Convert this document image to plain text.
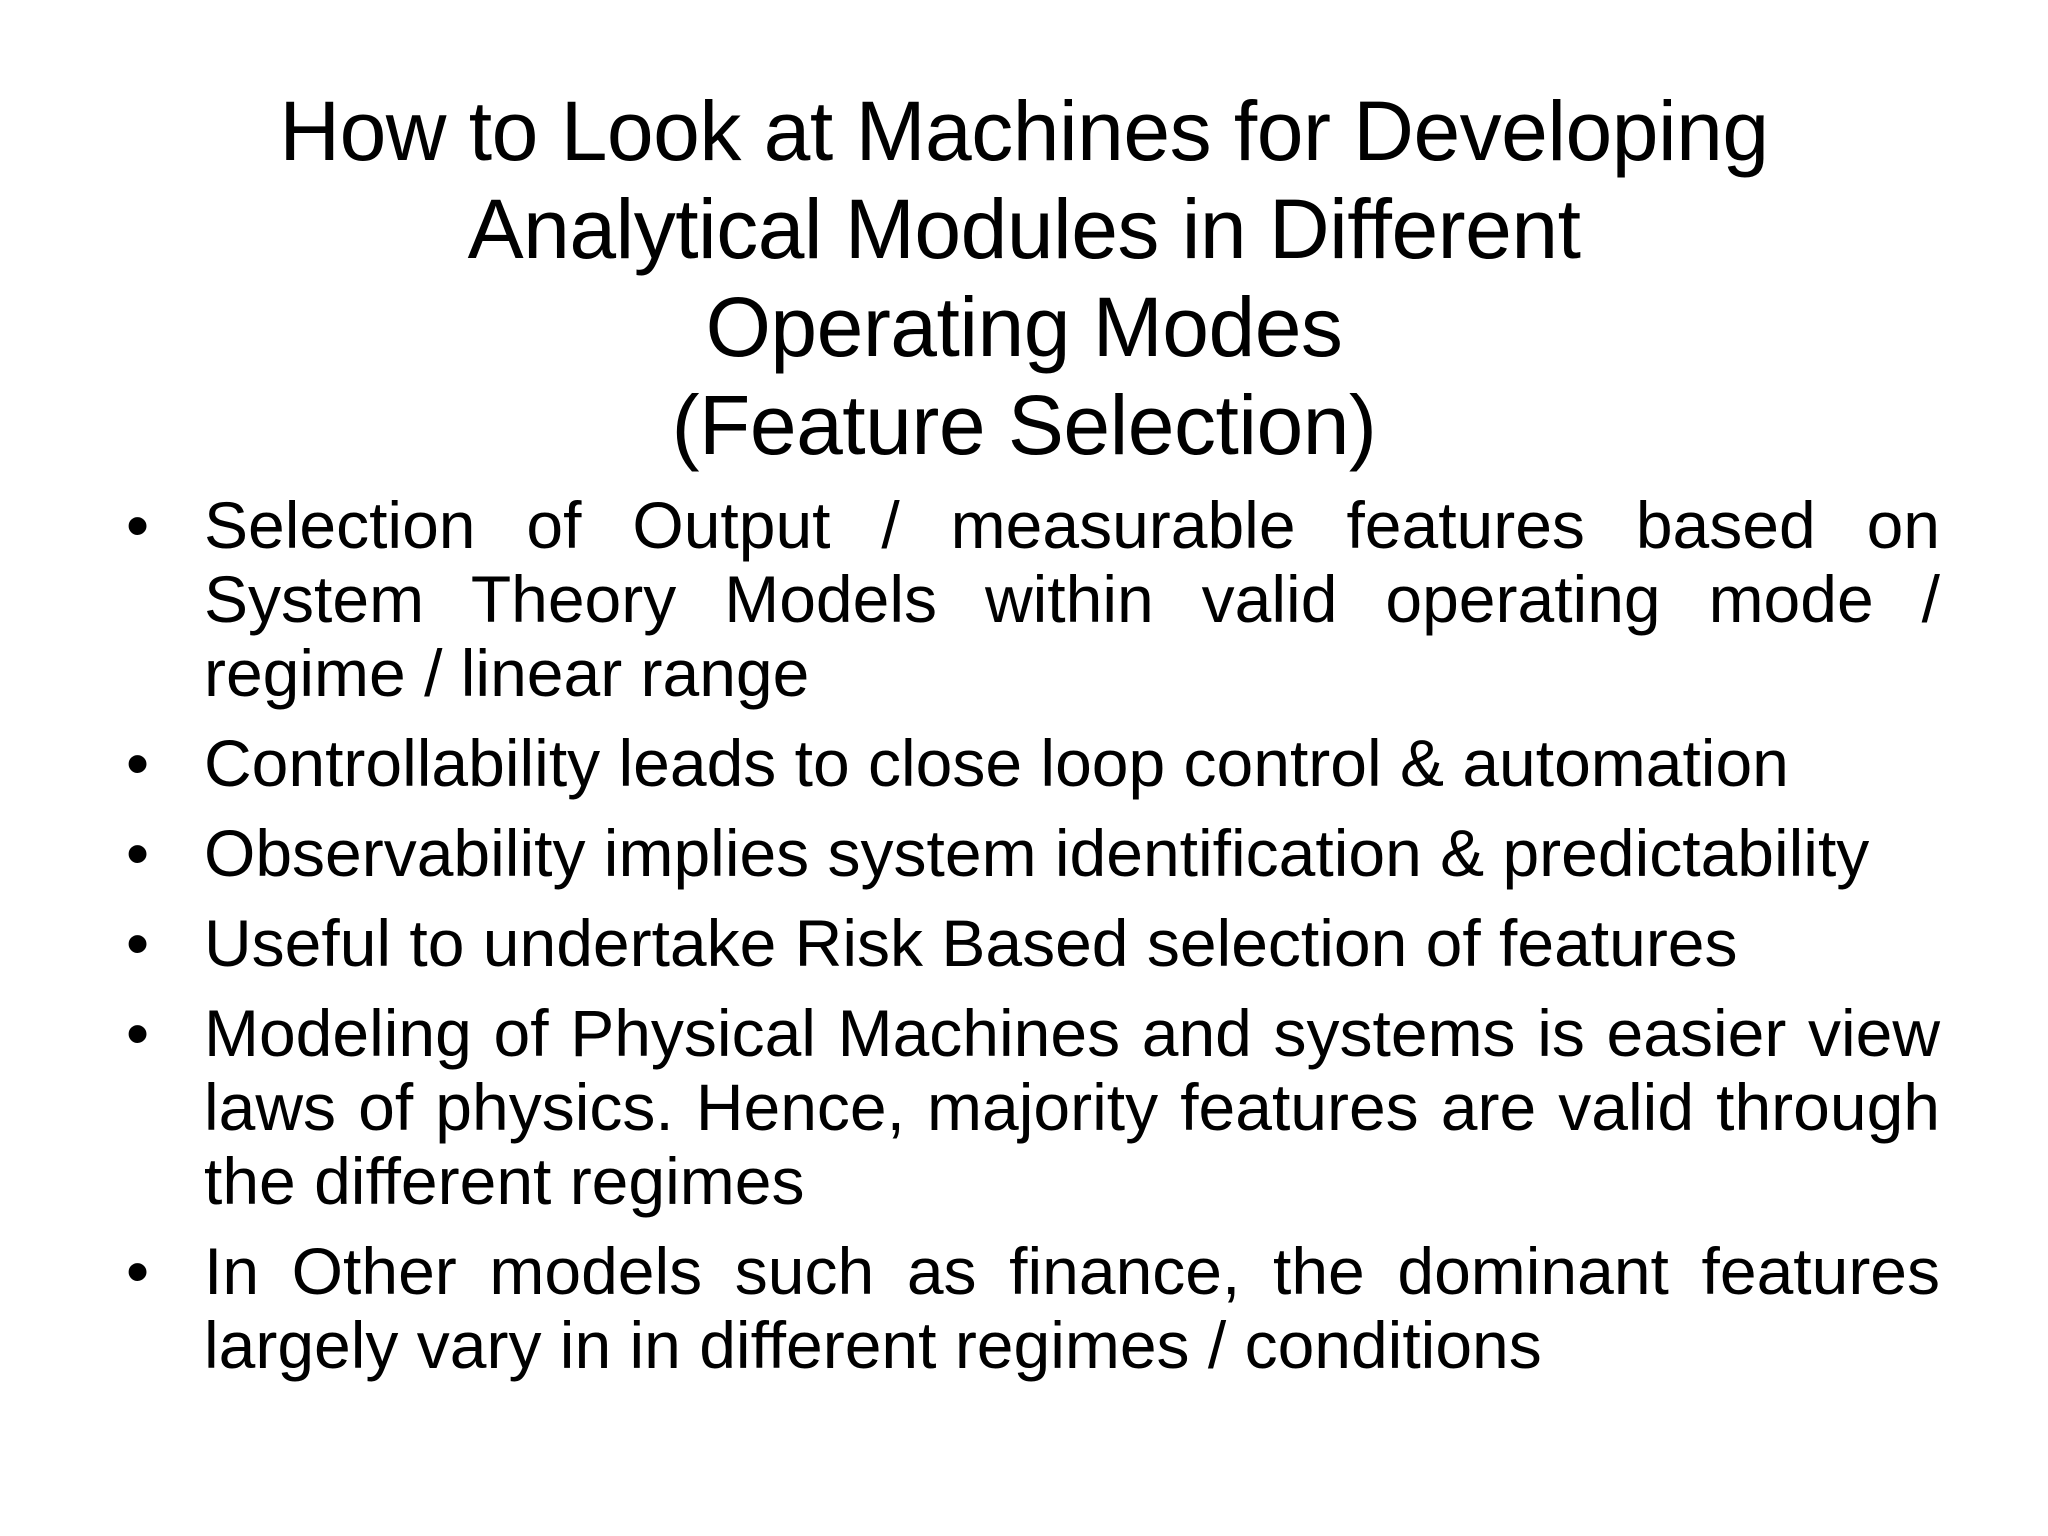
How to Look at Machines for Developing
Analytical Modules in Different
Operating Modes
(Feature Selection)
• Selection of Output / measurable features based on System Theory Models within valid operating mode / regime / linear range
• Controllability leads to close loop control & automation
• Observability implies system identification & predictability
• Useful to undertake Risk Based selection of features
• Modeling of Physical Machines and systems is easier view laws of physics. Hence, majority features are valid through the different regimes
• In Other models such as finance, the dominant features largely vary in in different regimes / conditions
